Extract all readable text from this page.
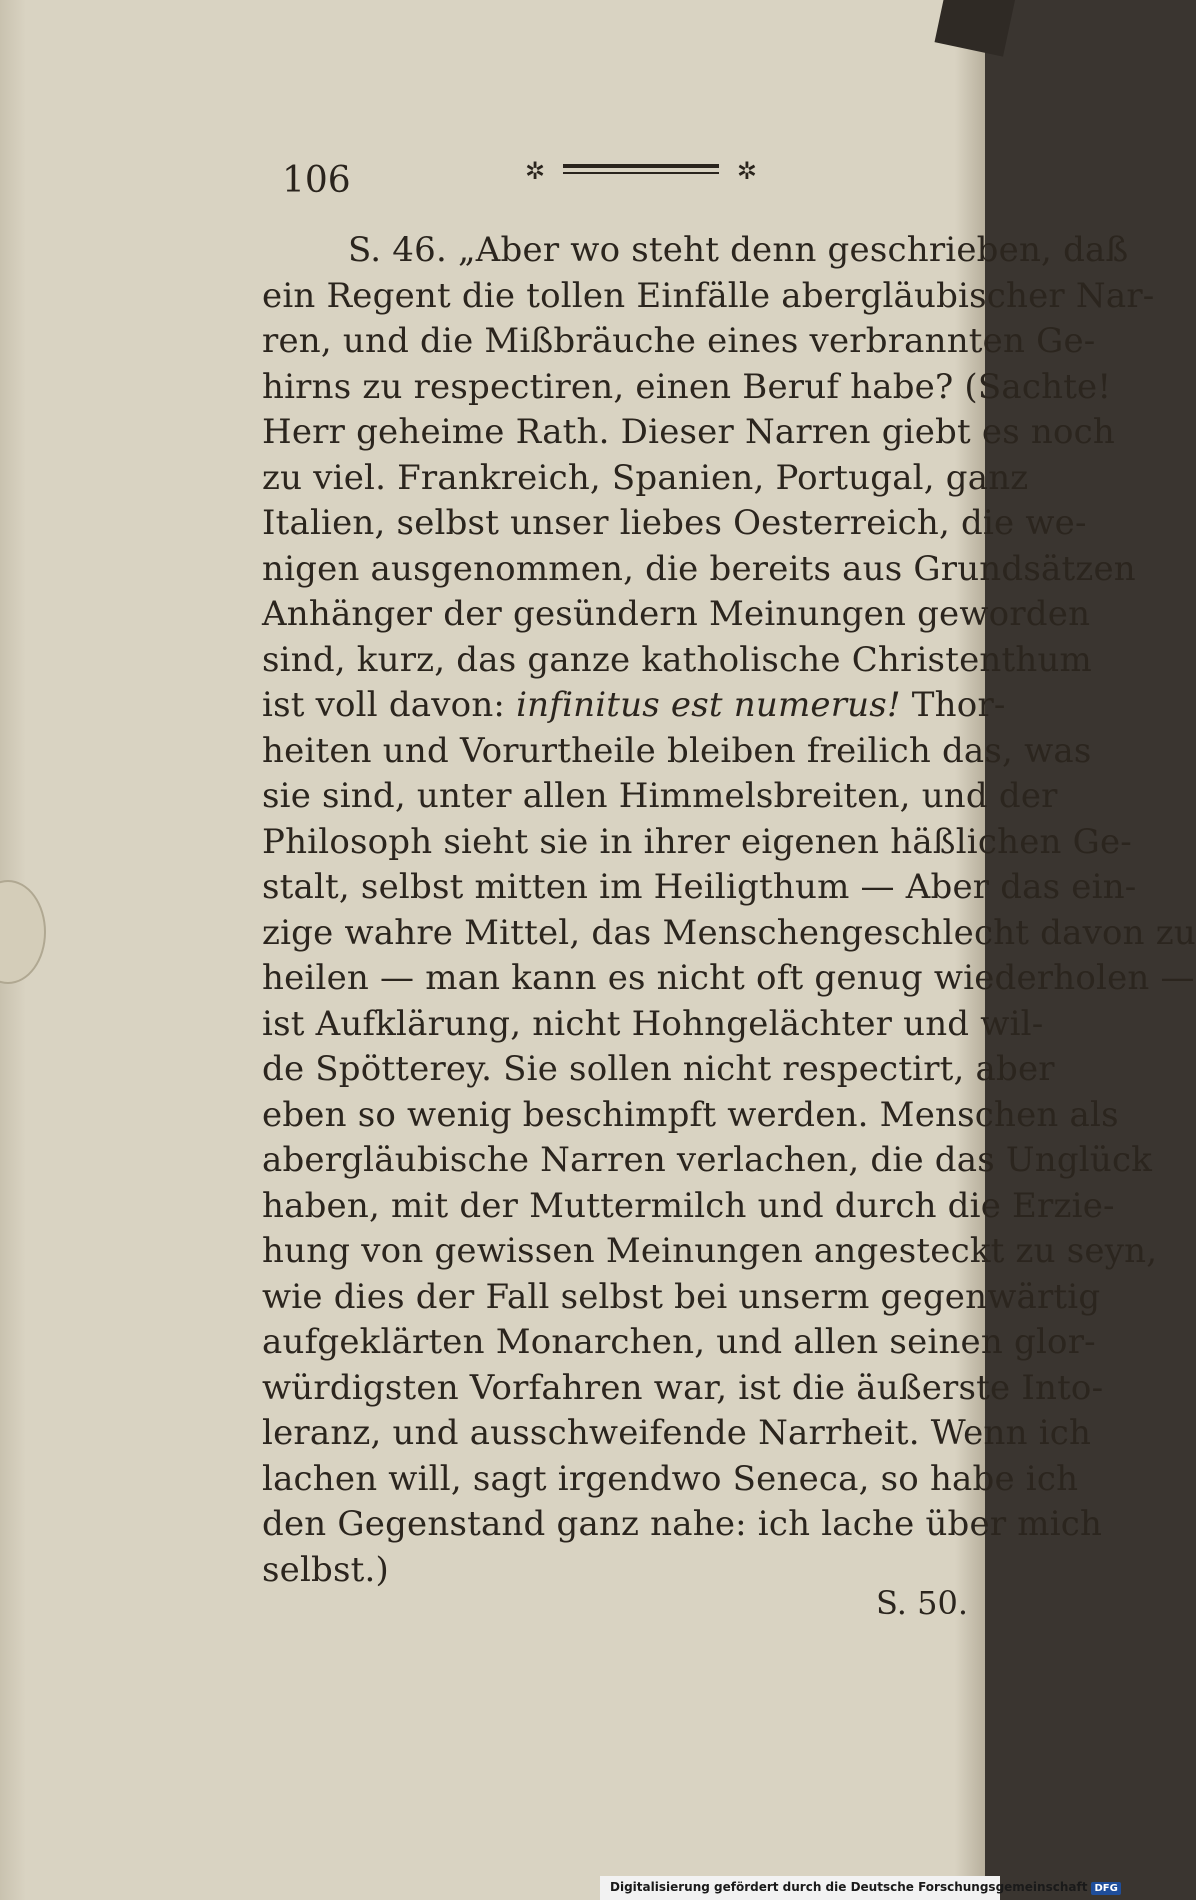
106	✲	✲
S. 46. „Aber wo steht denn geschrieben, daß
ein Regent die tollen Einfälle abergläubischer Nar-
ren, und die Mißbräuche eines verbrannten Ge-
hirns zu respectiren, einen Beruf habe? (Sachte!
Herr geheime Rath. Dieser Narren giebt es noch
zu viel. Frankreich, Spanien, Portugal, ganz
Italien, selbst unser liebes Oesterreich, die we-
nigen ausgenommen, die bereits aus Grundsätzen
Anhänger der gesündern Meinungen geworden
sind, kurz, das ganze katholische Christenthum
ist voll davon: infinitus est numerus! Thor-
heiten und Vorurtheile bleiben freilich das, was
sie sind, unter allen Himmelsbreiten, und der
Philosoph sieht sie in ihrer eigenen häßlichen Ge-
stalt, selbst mitten im Heiligthum — Aber das ein-
zige wahre Mittel, das Menschengeschlecht davon zu
heilen — man kann es nicht oft genug wiederholen —
ist Aufklärung, nicht Hohngelächter und wil-
de Spötterey. Sie sollen nicht respectirt, aber
eben so wenig beschimpft werden. Menschen als
abergläubische Narren verlachen, die das Unglück
haben, mit der Muttermilch und durch die Erzie-
hung von gewissen Meinungen angesteckt zu seyn,
wie dies der Fall selbst bei unserm gegenwärtig
aufgeklärten Monarchen, und allen seinen glor-
würdigsten Vorfahren war, ist die äußerste Into-
leranz, und ausschweifende Narrheit. Wenn ich
lachen will, sagt irgendwo Seneca, so habe ich
den Gegenstand ganz nahe: ich lache über mich
selbst.)
S. 50.
Digitalisierung gefördert durch die Deutsche Forschungsgemeinschaft DFG
